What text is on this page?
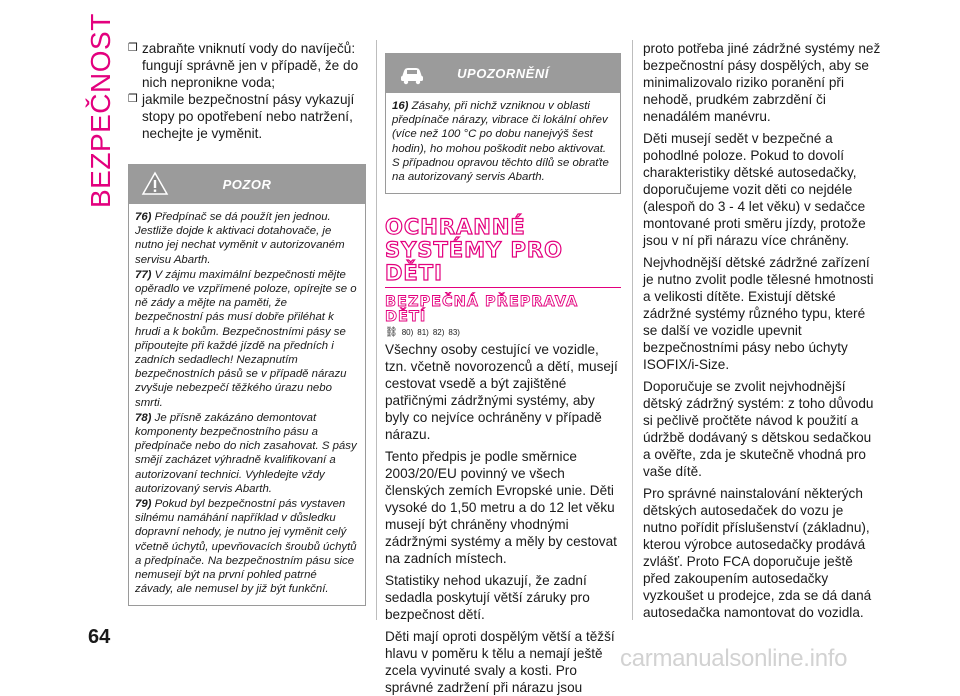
BEZPEČNOST
64
❒ zabraňte vniknutí vody do navíječů: fungují správně jen v případě, že do nich nepronikne voda;
❒ jakmile bezpečnostní pásy vykazují stopy po opotřebení nebo natržení, nechejte je vyměnit.
POZOR

76) Předpínač se dá použít jen jednou. Jestliže dojde k aktivaci dotahovače, je nutno jej nechat vyměnit v autorizovaném servisu Abarth.

77) V zájmu maximální bezpečnosti mějte opěradlo ve vzpřímené poloze, opírejte se o ně zády a mějte na paměti, že bezpečnostní pás musí dobře přiléhat k hrudi a k bokům. Bezpečnostními pásy se připoutejte při každé jízdě na předních i zadních sedadlech! Nezapnutím bezpečnostních pásů se v případě nárazu zvyšuje nebezpečí těžkého úrazu nebo smrti.

78) Je přísně zakázáno demontovat komponenty bezpečnostního pásu a předpínače nebo do nich zasahovat. S pásy smějí zacházet výhradně kvalifikovaní a autorizovaní technici. Vyhledejte vždy autorizovaný servis Abarth.

79) Pokud byl bezpečnostní pás vystaven silnému namáhání například v důsledku dopravní nehody, je nutno jej vyměnit celý včetně úchytů, upevňovacích šroubů úchytů a předpínače. Na bezpečnostním pásu sice nemusejí být na první pohled patrné závady, ale nemusel by již být funkční.

UPOZORNĚNÍ

16) Zásahy, při nichž vzniknou v oblasti předpínače nárazy, vibrace či lokální ohřev (více než 100 °C po dobu nanejvýš šest hodin), ho mohou poškodit nebo aktivovat. S případnou opravou těchto dílů se obraťte na autorizovaný servis Abarth.

OCHRANNÉ
SYSTÉMY PRO DĚTI
BEZPEČNÁ PŘEPRAVA
DĚTÍ
⛓ 80) 81) 82) 83)

Všechny osoby cestující ve vozidle, tzn. včetně novorozenců a dětí, musejí cestovat vsedě a být zajištěné patřičnými zádržnými systémy, aby byly co nejvíce ochráněny v případě nárazu.

Tento předpis je podle směrnice 2003/20/EU povinný ve všech členských zemích Evropské unie. Děti vysoké do 1,50 metru a do 12 let věku musejí být chráněny vhodnými zádržnými systémy a měly by cestovat na zadních místech.

Statistiky nehod ukazují, že zadní sedadla poskytují větší záruky pro bezpečnost dětí.

Děti mají oproti dospělým větší a těžší hlavu v poměru k tělu a nemají ještě zcela vyvinuté svaly a kosti. Pro správné zadržení při nárazu jsou

proto potřeba jiné zádržné systémy než bezpečnostní pásy dospělých, aby se minimalizovalo riziko poranění při nehodě, prudkém zabrzdění či nenadálém manévru.

Děti musejí sedět v bezpečné a pohodlné poloze. Pokud to dovolí charakteristiky dětské autosedačky, doporučujeme vozit děti co nejdéle (alespoň do 3 - 4 let věku) v sedačce montované proti směru jízdy, protože jsou v ní při nárazu více chráněny.

Nejvhodnější dětské zádržné zařízení je nutno zvolit podle tělesné hmotnosti a velikosti dítěte. Existují dětské zádržné systémy různého typu, které se další ve vozidle upevnit bezpečnostními pásy nebo úchyty ISOFIX/i-Size.

Doporučuje se zvolit nejvhodnější dětský zádržný systém: z toho důvodu si pečlivě pročtěte návod k použití a údržbě dodávaný s dětskou sedačkou a ověřte, zda je skutečně vhodná pro vaše dítě.

Pro správné nainstalování některých dětských autosedaček do vozu je nutno pořídit příslušenství (základnu), kterou výrobce autosedačky prodává zvlášť. Proto FCA doporučuje ještě před zakoupením autosedačky vyzkoušet u prodejce, zda se dá daná autosedačka namontovat do vozidla.

carmanualsonline.info
